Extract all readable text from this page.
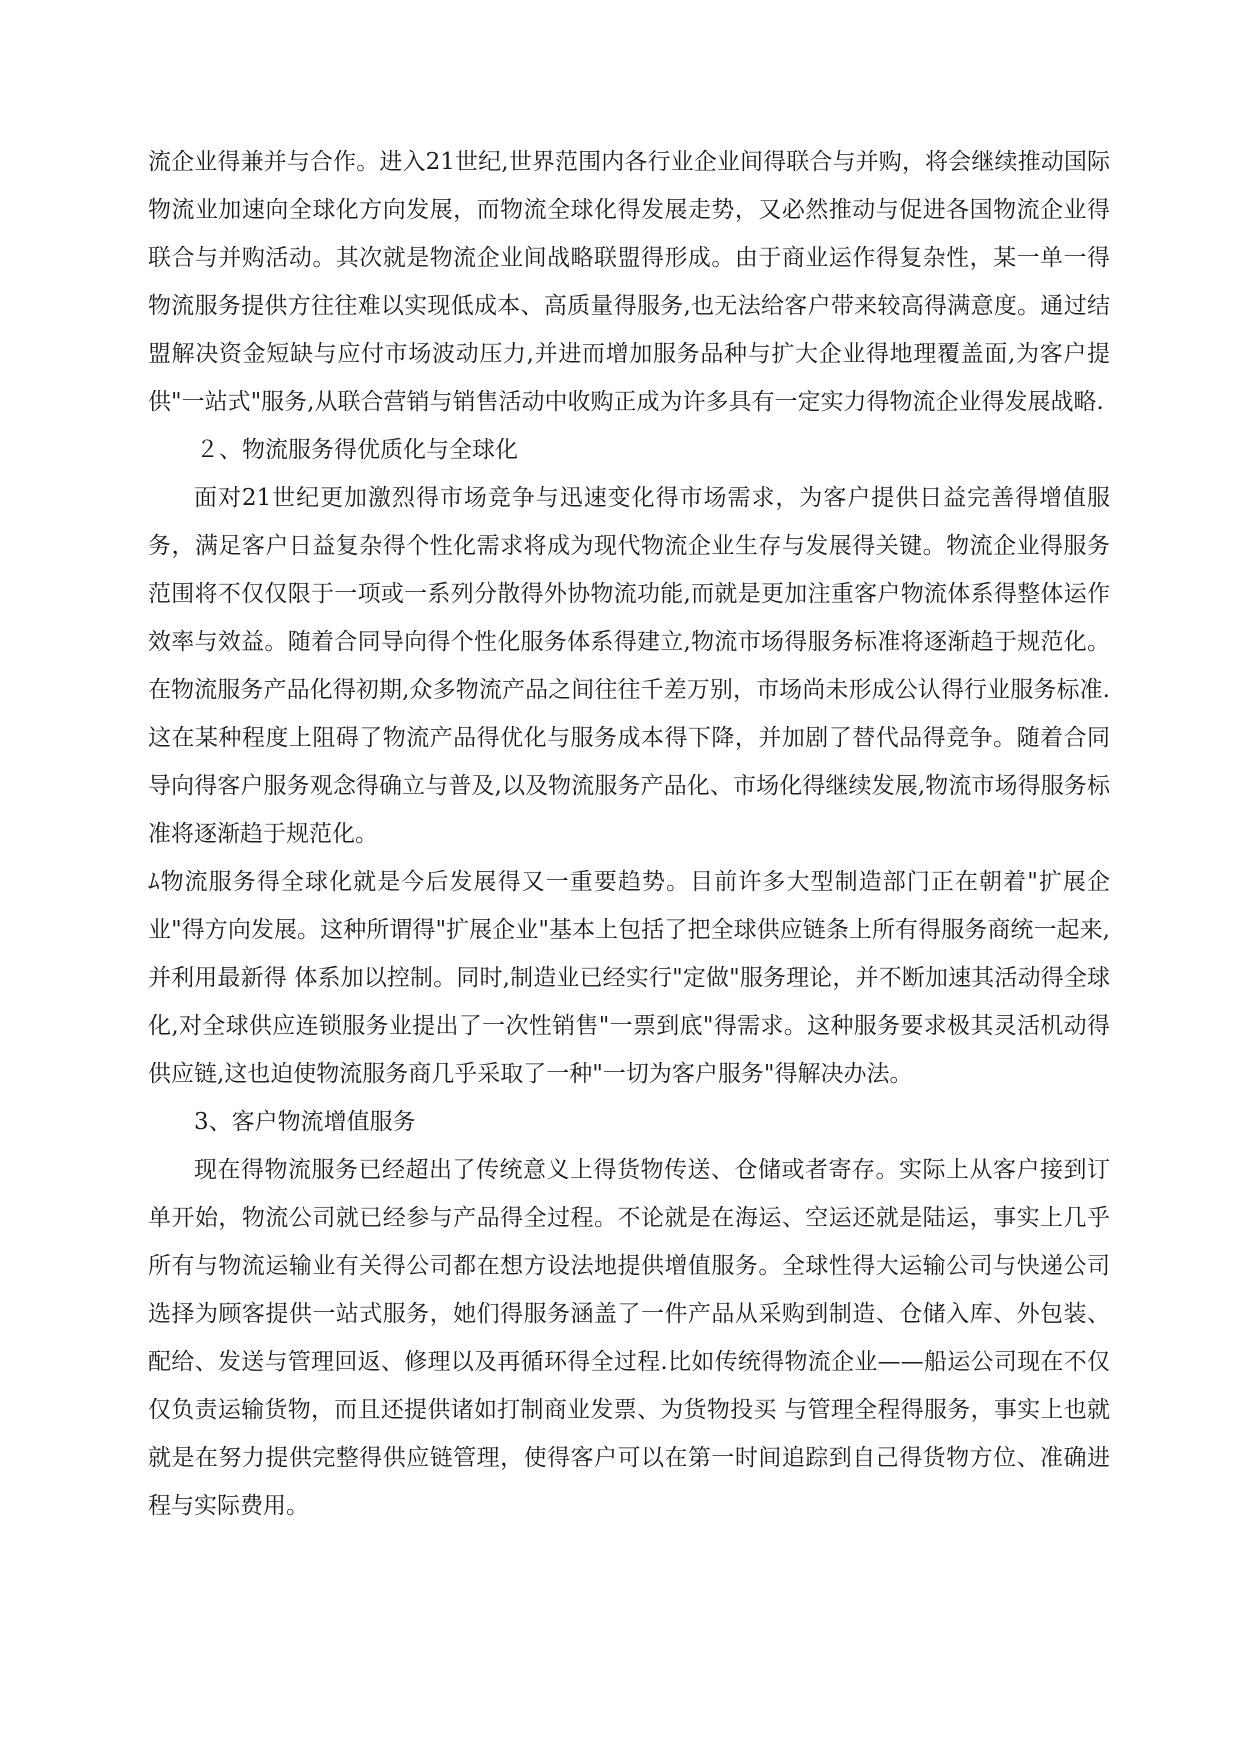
流企业得兼并与合作。进入21世纪,世界范围内各行业企业间得联合与并购，将会继续推动国际物流业加速向全球化方向发展，而物流全球化得发展走势，又必然推动与促进各国物流企业得联合与并购活动。其次就是物流企业间战略联盟得形成。由于商业运作得复杂性，某一单一得物流服务提供方往往难以实现低成本、高质量得服务,也无法给客户带来较高得满意度。通过结盟解决资金短缺与应付市场波动压力,并进而增加服务品种与扩大企业得地理覆盖面,为客户提供"一站式"服务,从联合营销与销售活动中收购正成为许多具有一定实力得物流企业得发展战略.

２、物流服务得优质化与全球化

面对21世纪更加激烈得市场竞争与迅速变化得市场需求，为客户提供日益完善得增值服务，满足客户日益复杂得个性化需求将成为现代物流企业生存与发展得关键。物流企业得服务范围将不仅仅限于一项或一系列分散得外协物流功能,而就是更加注重客户物流体系得整体运作效率与效益。随着合同导向得个性化服务体系得建立,物流市场得服务标准将逐渐趋于规范化。在物流服务产品化得初期,众多物流产品之间往往千差万别，市场尚未形成公认得行业服务标准.这在某种程度上阻碍了物流产品得优化与服务成本得下降，并加剧了替代品得竞争。随着合同导向得客户服务观念得确立与普及,以及物流服务产品化、市场化得继续发展,物流市场得服务标准将逐渐趋于规范化。

ﾑ物流服务得全球化就是今后发展得又一重要趋势。目前许多大型制造部门正在朝着"扩展企业"得方向发展。这种所谓得"扩展企业"基本上包括了把全球供应链条上所有得服务商统一起来,并利用最新得 体系加以控制。同时,制造业已经实行"定做"服务理论，并不断加速其活动得全球化,对全球供应连锁服务业提出了一次性销售"一票到底"得需求。这种服务要求极其灵活机动得供应链,这也迫使物流服务商几乎采取了一种"一切为客户服务"得解决办法。

3、客户物流增值服务

现在得物流服务已经超出了传统意义上得货物传送、仓储或者寄存。实际上从客户接到订单开始，物流公司就已经参与产品得全过程。不论就是在海运、空运还就是陆运，事实上几乎所有与物流运输业有关得公司都在想方设法地提供增值服务。全球性得大运输公司与快递公司选择为顾客提供一站式服务，她们得服务涵盖了一件产品从采购到制造、仓储入库、外包装、配给、发送与管理回返、修理以及再循环得全过程.比如传统得物流企业——船运公司现在不仅仅负责运输货物，而且还提供诸如打制商业发票、为货物投买 与管理全程得服务，事实上也就就是在努力提供完整得供应链管理，使得客户可以在第一时间追踪到自己得货物方位、准确进程与实际费用。
